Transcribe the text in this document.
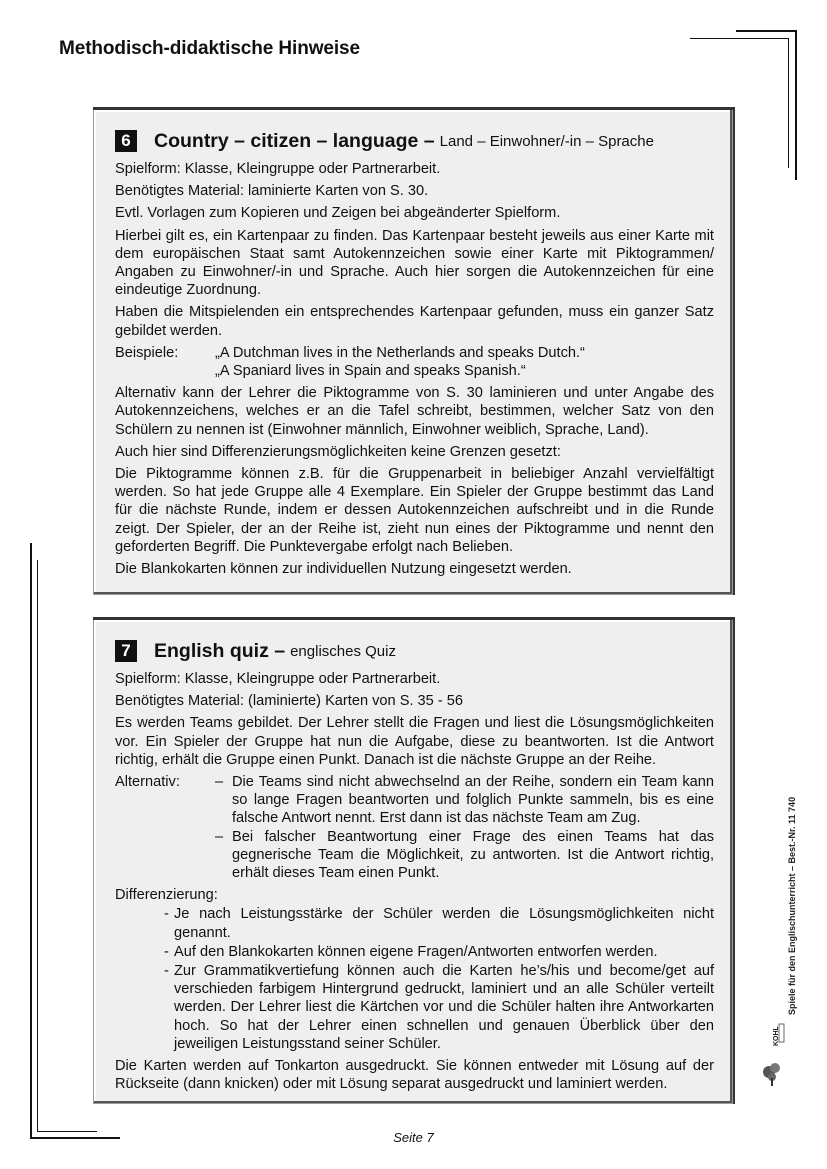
Methodisch-didaktische Hinweise
6	Country – citizen – language – Land – Einwohner/-in – Sprache

Spielform: Klasse, Kleingruppe oder Partnerarbeit.

Benötigtes Material: laminierte Karten von S. 30.

Evtl. Vorlagen zum Kopieren und Zeigen bei abgeänderter Spielform.

Hierbei gilt es, ein Kartenpaar zu finden. Das Kartenpaar besteht jeweils aus einer Karte mit dem europäischen Staat samt Autokennzeichen sowie einer Karte mit Piktogrammen/ Angaben zu Einwohner/-in und Sprache. Auch hier sorgen die Autokennzeichen für eine eindeutige Zuordnung.

Haben die Mitspielenden ein entsprechendes Kartenpaar gefunden, muss ein ganzer Satz gebildet werden.

Beispiele:	„A Dutchman lives in the Netherlands and speaks Dutch.“
„A Spaniard lives in Spain and speaks Spanish.“

Alternativ kann der Lehrer die Piktogramme von S. 30 laminieren und unter Angabe des Autokennzeichens, welches er an die Tafel schreibt, bestimmen, welcher Satz von den Schülern zu nennen ist (Einwohner männlich, Einwohner weiblich, Sprache, Land).

Auch hier sind Differenzierungsmöglichkeiten keine Grenzen gesetzt:

Die Piktogramme können z.B. für die Gruppenarbeit in beliebiger Anzahl vervielfältigt werden. So hat jede Gruppe alle 4 Exemplare. Ein Spieler der Gruppe bestimmt das Land für die nächste Runde, indem er dessen Autokennzeichen aufschreibt und in die Runde zeigt. Der Spieler, der an der Reihe ist, zieht nun eines der Piktogramme und nennt den geforderten Begriff. Die Punktevergabe erfolgt nach Belieben.

Die Blankokarten können zur individuellen Nutzung eingesetzt werden.

7	English quiz – englisches Quiz

Spielform: Klasse, Kleingruppe oder Partnerarbeit.

Benötigtes Material: (laminierte) Karten von S. 35 - 56

Es werden Teams gebildet. Der Lehrer stellt die Fragen und liest die Lösungsmöglichkeiten vor. Ein Spieler der Gruppe hat nun die Aufgabe, diese zu beantworten. Ist die Antwort richtig, erhält die Gruppe einen Punkt. Danach ist die nächste Gruppe an der Reihe.

Alternativ:	– Die Teams sind nicht abwechselnd an der Reihe, sondern ein Team kann so lange Fragen beantworten und folglich Punkte sammeln, bis es eine falsche Antwort nennt. Erst dann ist das nächste Team am Zug.
– Bei falscher Beantwortung einer Frage des einen Teams hat das gegnerische Team die Möglichkeit, zu antworten. Ist die Antwort richtig, erhält dieses Team einen Punkt.

Differenzierung:

- Je nach Leistungsstärke der Schüler werden die Lösungsmöglichkeiten nicht genannt.
- Auf den Blankokarten können eigene Fragen/Antworten entworfen werden.
- Zur Grammatikvertiefung können auch die Karten he’s/his und become/get auf verschieden farbigem Hintergrund gedruckt, laminiert und an alle Schüler verteilt werden. Der Lehrer liest die Kärtchen vor und die Schüler halten ihre Antworkarten hoch. So hat der Lehrer einen schnellen und genauen Überblick über den jeweiligen Leistungsstand seiner Schüler.

Die Karten werden auf Tonkarton ausgedruckt. Sie können entweder mit Lösung auf der Rückseite (dann knicken) oder mit Lösung separat ausgedruckt und laminiert werden.

Spiele für den Englischunterricht – Best.-Nr. 11 740
KOHL
Seite 7
